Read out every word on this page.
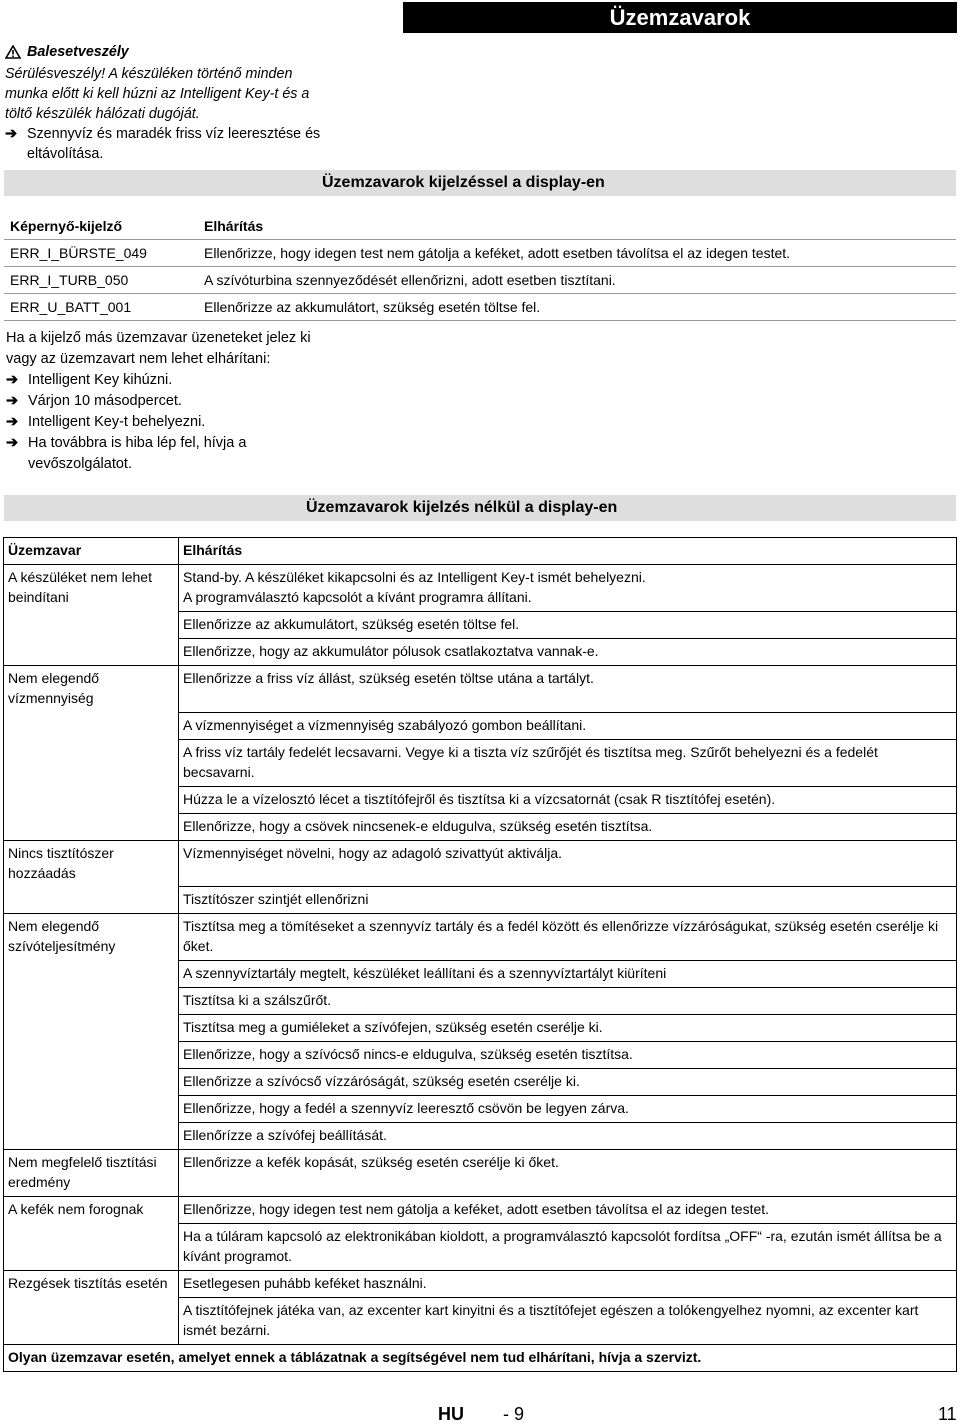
Üzemzavarok
Balesetveszély
Sérülésveszély! A készüléken történő minden munka előtt ki kell húzni az Intelligent Key-t és a töltő készülék hálózati dugóját.
➔ Szennyvíz és maradék friss víz leeresztése és eltávolítása.
Üzemzavarok kijelzéssel a display-en
Képernyő-kijelző	Elhárítás
ERR_I_BÜRSTE_049	Ellenőrizze, hogy idegen test nem gátolja a keféket, adott esetben távolítsa el az idegen testet.
ERR_I_TURB_050	A szívóturbina szennyeződését ellenőrizni, adott esetben tisztítani.
ERR_U_BATT_001	Ellenőrizze az akkumulátort, szükség esetén töltse fel.
Ha a kijelző más üzemzavar üzeneteket jelez ki vagy az üzemzavart nem lehet elhárítani:
➔ Intelligent Key kihúzni.
➔ Várjon 10 másodpercet.
➔ Intelligent Key-t behelyezni.
➔ Ha továbbra is hiba lép fel, hívja a vevőszolgálatot.
Üzemzavarok kijelzés nélkül a display-en
Üzemzavar	Elhárítás
A készüléket nem lehet beindítani	Stand-by. A készüléket kikapcsolni és az Intelligent Key-t ismét behelyezni.
A programválasztó kapcsolót a kívánt programra állítani.
	Ellenőrizze az akkumulátort, szükség esetén töltse fel.
	Ellenőrizze, hogy az akkumulátor pólusok csatlakoztatva vannak-e.
Nem elegendő vízmennyiség	Ellenőrizze a friss víz állást, szükség esetén töltse utána a tartályt.
	A vízmennyiséget a vízmennyiség szabályozó gombon beállítani.
	A friss víz tartály fedelét lecsavarni. Vegye ki a tiszta víz szűrőjét és tisztítsa meg. Szűrőt behelyezni és a fedelét becsavarni.
	Húzza le a vízelosztó lécet a tisztítófejről és tisztítsa ki a vízcsatornát (csak R tisztítófej esetén).
	Ellenőrizze, hogy a csövek nincsenek-e eldugulva, szükség esetén tisztítsa.
Nincs tisztítószer hozzáadás	Vízmennyiséget növelni, hogy az adagoló szivattyút aktiválja.
	Tisztítószer szintjét ellenőrizni
Nem elegendő szívóteljesítmény	Tisztítsa meg a tömítéseket a szennyvíz tartály és a fedél között és ellenőrizze vízzáróságukat, szükség esetén cserélje ki őket.
	A szennyvíztartály megtelt, készüléket leállítani és a szennyvíztartályt kiüríteni
	Tisztítsa ki a szálszűrőt.
	Tisztítsa meg a gumiéleket a szívófejen, szükség esetén cserélje ki.
	Ellenőrizze, hogy a szívócső nincs-e eldugulva, szükség esetén tisztítsa.
	Ellenőrizze a szívócső vízzáróságát, szükség esetén cserélje ki.
	Ellenőrizze, hogy a fedél a szennyvíz leeresztő csövön be legyen zárva.
	Ellenőrízze a szívófej beállítását.
Nem megfelelő tisztítási eredmény	Ellenőrizze a kefék kopását, szükség esetén cserélje ki őket.
A kefék nem forognak	Ellenőrizze, hogy idegen test nem gátolja a keféket, adott esetben távolítsa el az idegen testet.
	Ha a túláram kapcsoló az elektronikában kioldott, a programválasztó kapcsolót fordítsa „OFF“ -ra, ezután ismét állítsa be a kívánt programot.
Rezgések tisztítás esetén	Esetlegesen puhább keféket használni.
	A tisztítófejnek játéka van, az excenter kart kinyitni és a tisztítófejet egészen a tolókengyelhez nyomni, az excenter kart ismét bezárni.
Olyan üzemzavar esetén, amelyet ennek a táblázatnak a segítségével nem tud elhárítani, hívja a szervizt.	
HU - 9	11
